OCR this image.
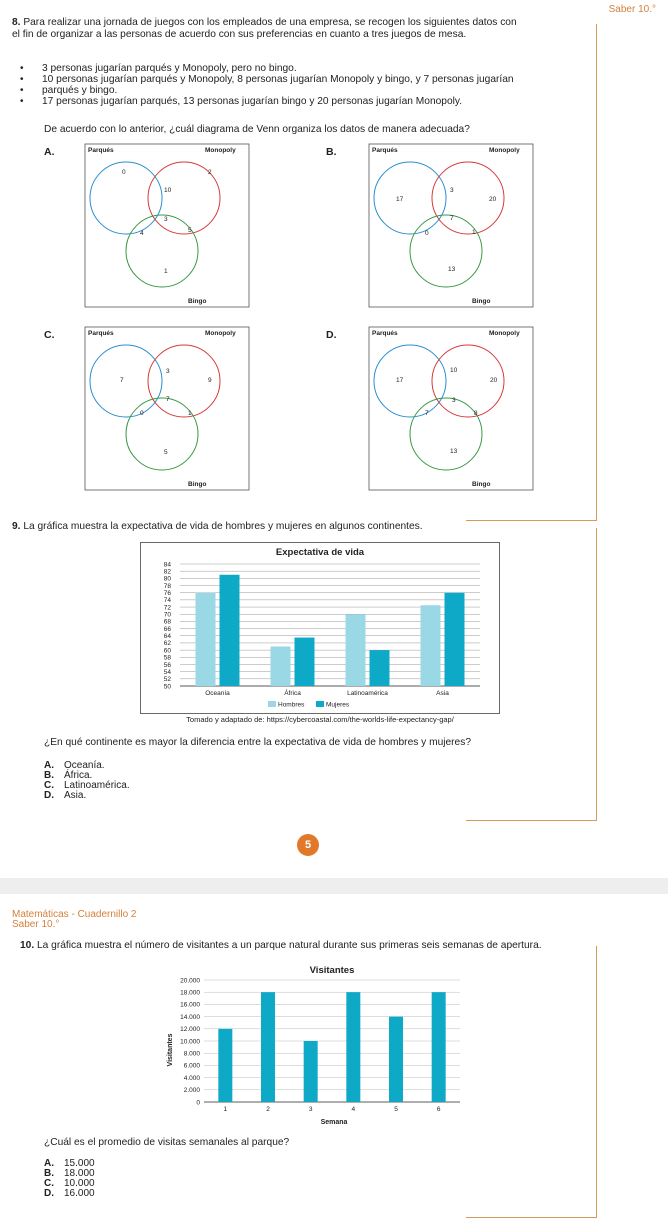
Saber 10.°
8. Para realizar una jornada de juegos con los empleados de una empresa, se recogen los siguientes datos con
el fin de organizar a las personas de acuerdo con sus preferencias en cuanto a tres juegos de mesa.
• 3 personas jugarían parqués y Monopoly, pero no bingo.
• 10 personas jugarían parqués y Monopoly, 8 personas jugarían Monopoly y bingo, y 7 personas jugarían
• parqués y bingo.
• 17 personas jugarían parqués, 13 personas jugarían bingo y 20 personas jugarían Monopoly.
De acuerdo con lo anterior, ¿cuál diagrama de Venn organiza los datos de manera adecuada?
A.	Parqués	Monopoly
Bingo
0
10
2
3
4	5
1
B.	Parqués	Monopoly
Bingo
17
3
20
7
0	1
13
C.	Parqués	Monopoly
Bingo
7
3
9
7
0	1
5
D.	Parqués	Monopoly
Bingo
17
10
20
3
7	8
13
9. La gráfica muestra la expectativa de vida de hombres y mujeres en algunos continentes.
Expectativa de vida
50
52
54
56
58
60
62
64
66
68
70
72
74
76
78
80
82
84
Oceanía	África	Latinoamérica	Asia
Hombres	Mujeres
Tomado y adaptado de: https://cybercoastal.com/the-worlds-life-expectancy-gap/
¿En qué continente es mayor la diferencia entre la expectativa de vida de hombres y mujeres?
A. Oceanía.
B. África.
C. Latinoamérica.
D. Asia.
5
Matemáticas - Cuadernillo 2
Saber 10.°
10. La gráfica muestra el número de visitantes a un parque natural durante sus primeras seis semanas de apertura.
Visitantes
0
2.000
4.000
6.000
8.000
10.000
12.000
14.000
16.000
18.000
20.000
1	2	3	4	5	6
Semana
Visitantes
¿Cuál es el promedio de visitas semanales al parque?
A. 15.000
B. 18.000
C. 10.000
D. 16.000
